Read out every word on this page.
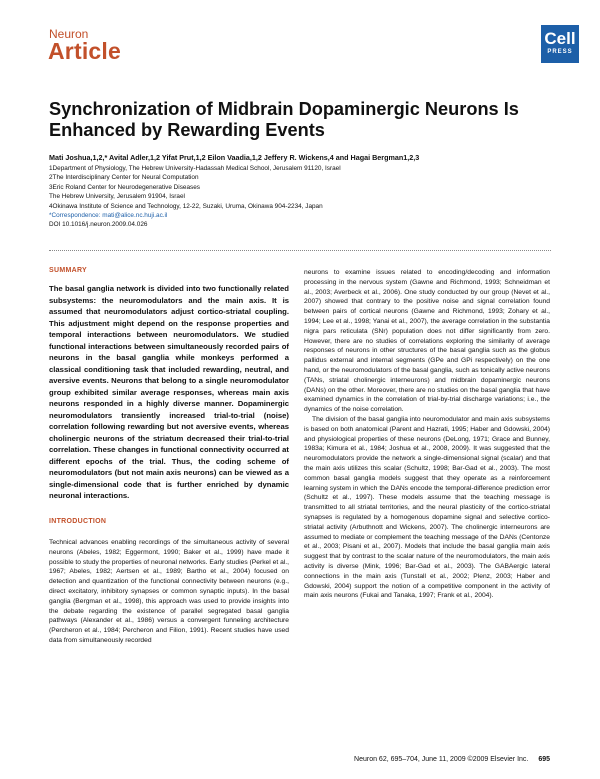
Neuron
Article	Cell
PRESS
Synchronization of Midbrain Dopaminergic Neurons Is Enhanced by Rewarding Events
Mati Joshua,1,2,* Avital Adler,1,2 Yifat Prut,1,2 Eilon Vaadia,1,2 Jeffery R. Wickens,4 and Hagai Bergman1,2,3
1Department of Physiology, The Hebrew University-Hadassah Medical School, Jerusalem 91120, Israel
2The Interdisciplinary Center for Neural Computation
3Eric Roland Center for Neurodegenerative Diseases
The Hebrew University, Jerusalem 91904, Israel
4Okinawa Institute of Science and Technology, 12-22, Suzaki, Uruma, Okinawa 904-2234, Japan
*Correspondence: mati@alice.nc.huji.ac.il
DOI 10.1016/j.neuron.2009.04.026
SUMMARY
The basal ganglia network is divided into two functionally related subsystems: the neuromodulators and the main axis. It is assumed that neuromodulators adjust cortico-striatal coupling. This adjustment might depend on the response properties and temporal interactions between neuromodulators. We studied functional interactions between simultaneously recorded pairs of neurons in the basal ganglia while monkeys performed a classical conditioning task that included rewarding, neutral, and aversive events. Neurons that belong to a single neuromodulator group exhibited similar average responses, whereas main axis neurons responded in a highly diverse manner. Dopaminergic neuromodulators transiently increased trial-to-trial (noise) correlation following rewarding but not aversive events, whereas cholinergic neurons of the striatum decreased their trial-to-trial correlation. These changes in functional connectivity occurred at different epochs of the trial. Thus, the coding scheme of neuromodulators (but not main axis neurons) can be viewed as a single-dimensional code that is further enriched by dynamic neuronal interactions.
INTRODUCTION
Technical advances enabling recordings of the simultaneous activity of several neurons (Abeles, 1982; Eggermont, 1990; Baker et al., 1999) have made it possible to study the properties of neuronal networks. Early studies (Perkel et al., 1967; Abeles, 1982; Aertsen et al., 1989; Bartho et al., 2004) focused on detection and quantization of the functional connectivity between neurons (e.g., direct excitatory, inhibitory synapses or common synaptic inputs). In the basal ganglia (Bergman et al., 1998), this approach was used to provide insights into the debate regarding the existence of parallel segregated basal ganglia pathways (Alexander et al., 1986) versus a convergent funneling architecture (Percheron et al., 1984; Percheron and Filion, 1991). Recent studies have used data from simultaneously recorded

neurons to examine issues related to encoding/decoding and information processing in the nervous system (Gawne and Richmond, 1993; Schneidman et al., 2003; Averbeck et al., 2006). One study conducted by our group (Nevet et al., 2007) showed that contrary to the positive noise and signal correlation found between pairs of cortical neurons (Gawne and Richmond, 1993; Zohary et al., 1994; Lee et al., 1998; Yanai et al., 2007), the average correlation in the substantia nigra pars reticulata (SNr) population does not differ significantly from zero. However, there are no studies of correlations exploring the similarity of average responses of neurons in other structures of the basal ganglia such as the globus pallidus external and internal segments (GPe and GPi respectively) on the one hand, or the neuromodulators of the basal ganglia, such as tonically active neurons (TANs, striatal cholinergic interneurons) and midbrain dopaminergic neurons (DANs) on the other. Moreover, there are no studies on the basal ganglia that have examined dynamics in the correlation of trial-by-trial discharge variations; i.e., the dynamics of the noise correlation.

The division of the basal ganglia into neuromodulator and main axis subsystems is based on both anatomical (Parent and Hazrati, 1995; Haber and Gdowski, 2004) and physiological properties of these neurons (DeLong, 1971; Grace and Bunney, 1983a; Kimura et al., 1984; Joshua et al., 2008, 2009). It was suggested that the neuromodulators provide the network a single-dimensional signal (scalar) and that the main axis utilizes this scalar (Schultz, 1998; Bar-Gad et al., 2003). The most common basal ganglia models suggest that they operate as a reinforcement learning system in which the DANs encode the temporal-difference prediction error (Schultz et al., 1997). These models assume that the teaching message is transmitted to all striatal territories, and the neural plasticity of the cortico-striatal synapses is regulated by a homogenous dopamine signal and selective cortico-striatal activity (Arbuthnott and Wickens, 2007). The cholinergic interneurons are assumed to mediate or complement the teaching message of the DANs (Centonze et al., 2003; Pisani et al., 2007). Models that include the basal ganglia main axis suggest that by contrast to the scalar nature of the neuromodulators, the main axis activity is diverse (Mink, 1996; Bar-Gad et al., 2003). The GABAergic lateral connections in the main axis (Tunstall et al., 2002; Plenz, 2003; Haber and Gdowski, 2004) support the notion of a competitive component in the activity of main axis neurons (Fukai and Tanaka, 1997; Frank et al., 2004).

Neuron 62, 695–704, June 11, 2009 ©2009 Elsevier Inc. 695
